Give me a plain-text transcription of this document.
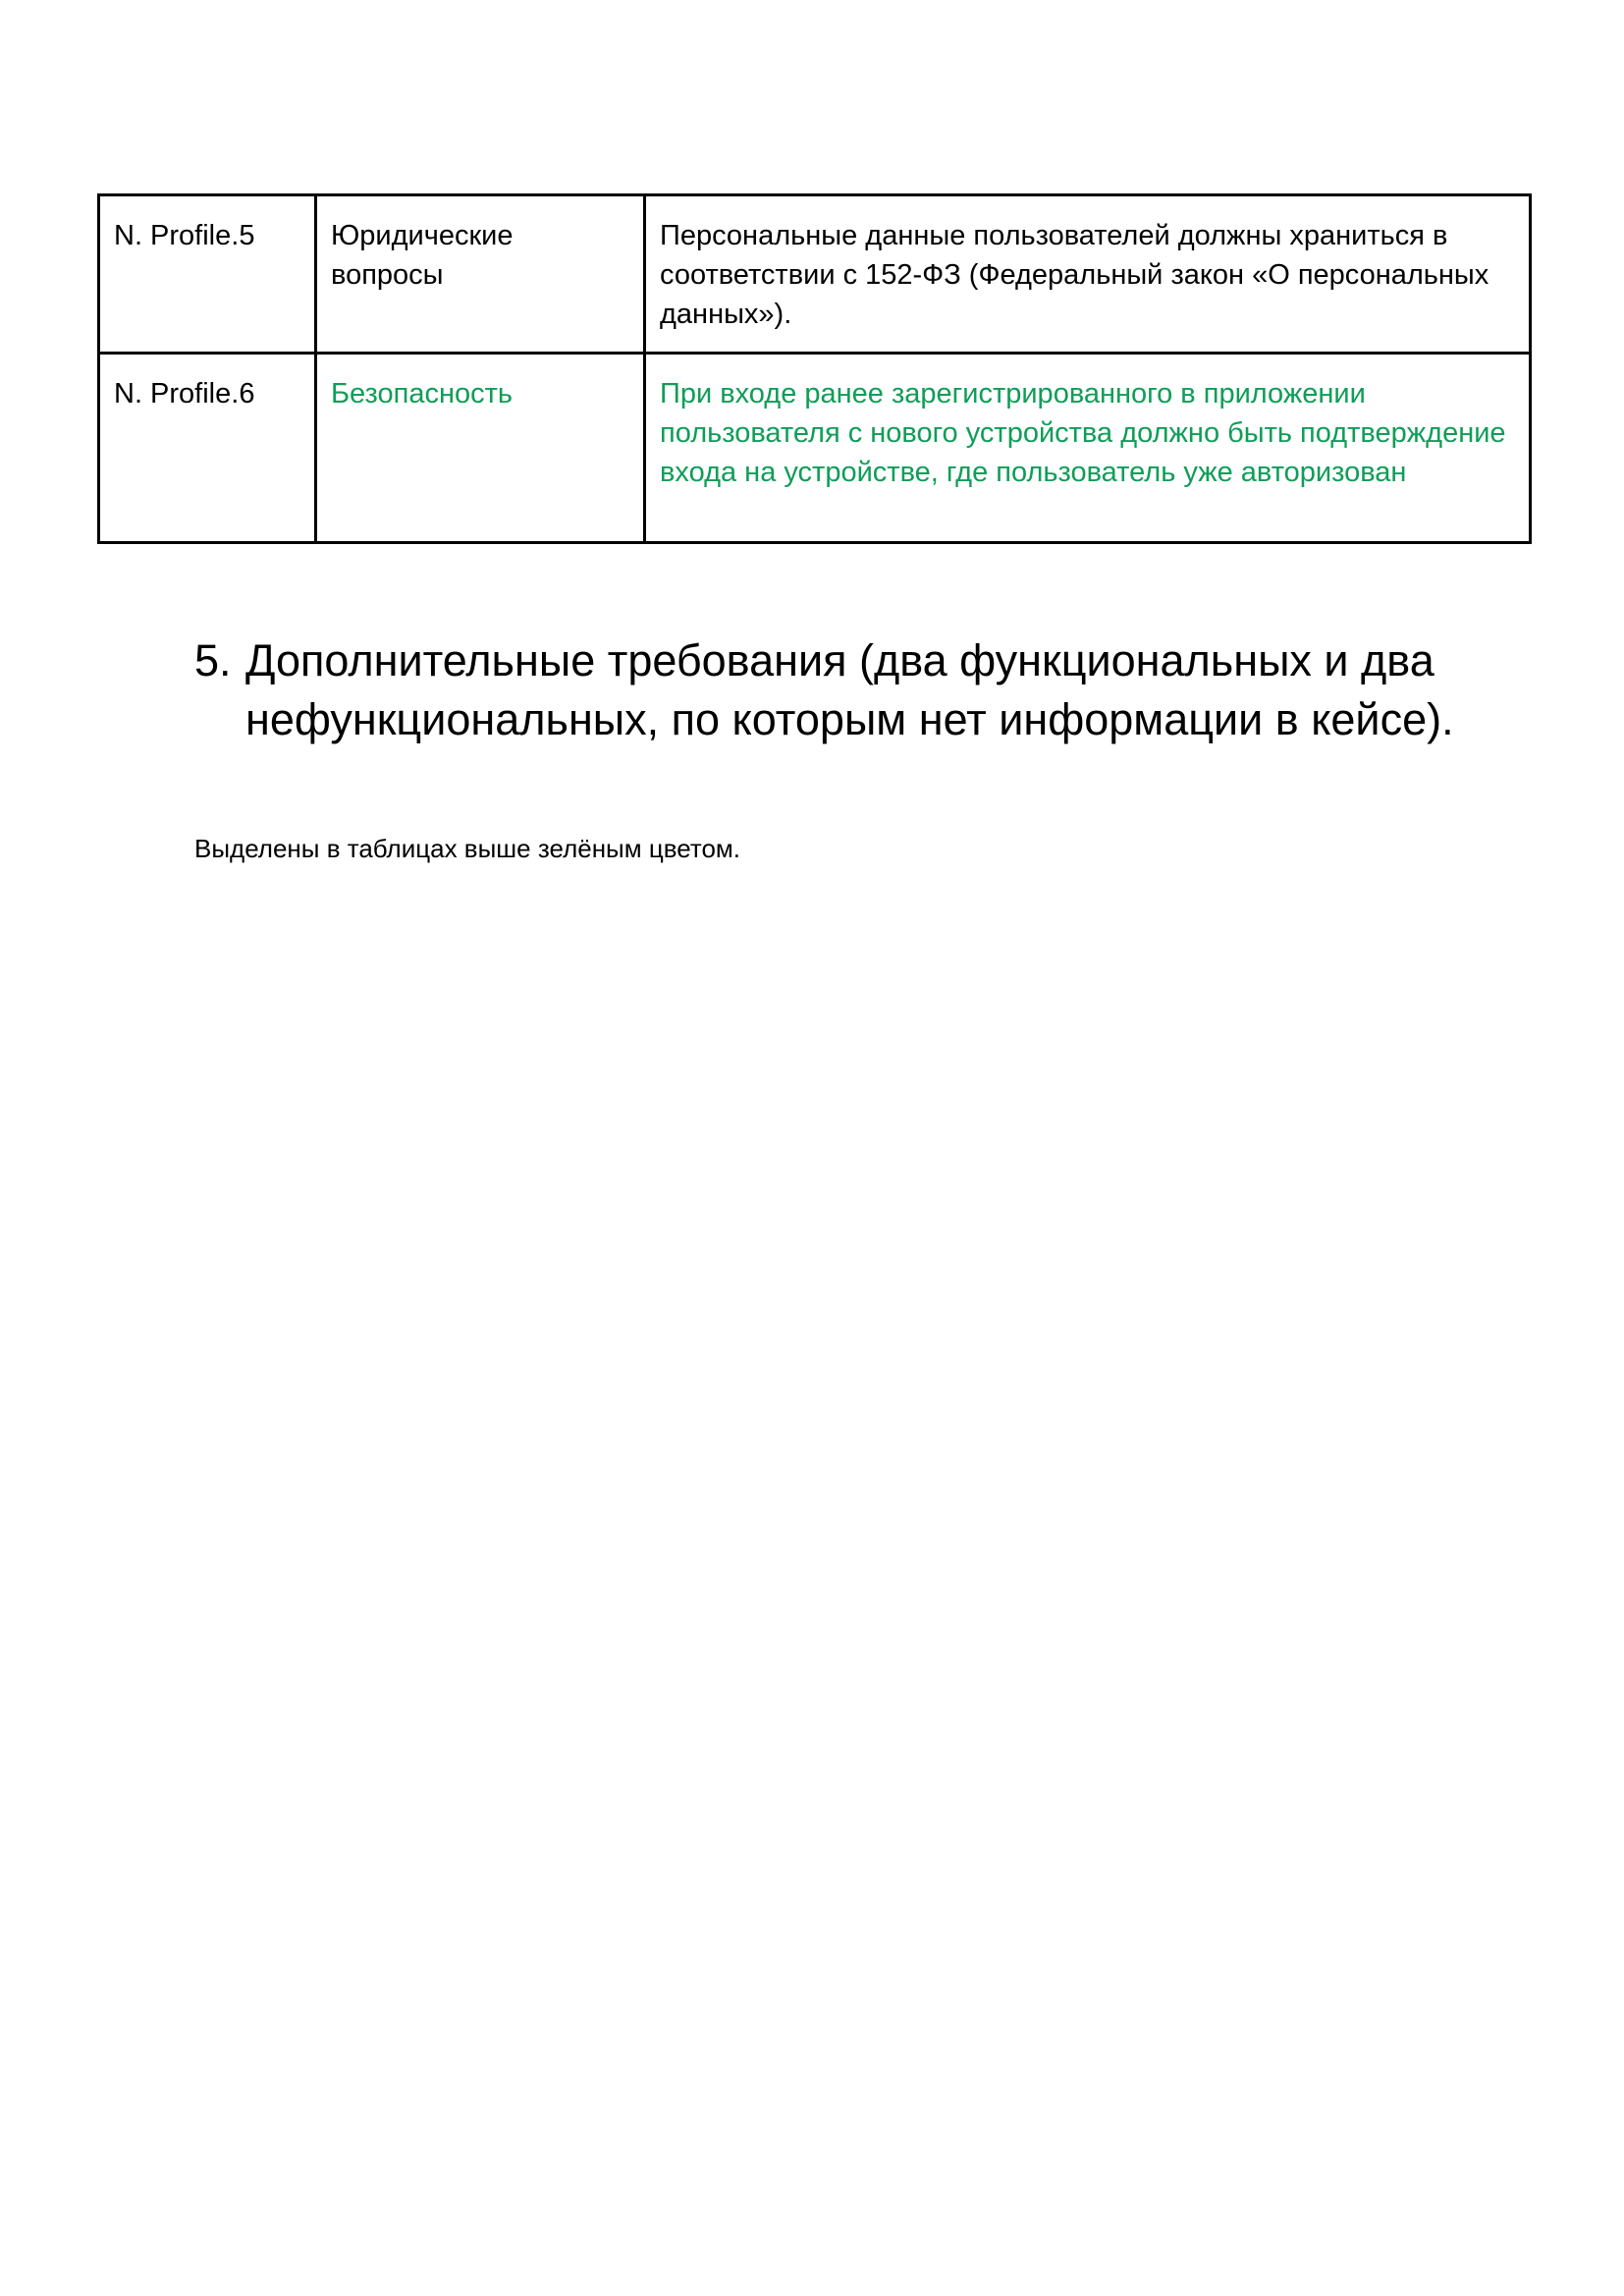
N. Profile.5	Юридические вопросы	Персональные данные пользователей должны храниться в соответствии с 152-ФЗ (Федеральный закон «О персональных данных»).
N. Profile.6	Безопасность	При входе ранее зарегистрированного в приложении пользователя с нового устройства должно быть подтверждение входа на устройстве, где пользователь уже авторизован
5. Дополнительные требования (два функциональных и два нефункциональных, по которым нет информации в кейсе).

Выделены в таблицах выше зелёным цветом.
